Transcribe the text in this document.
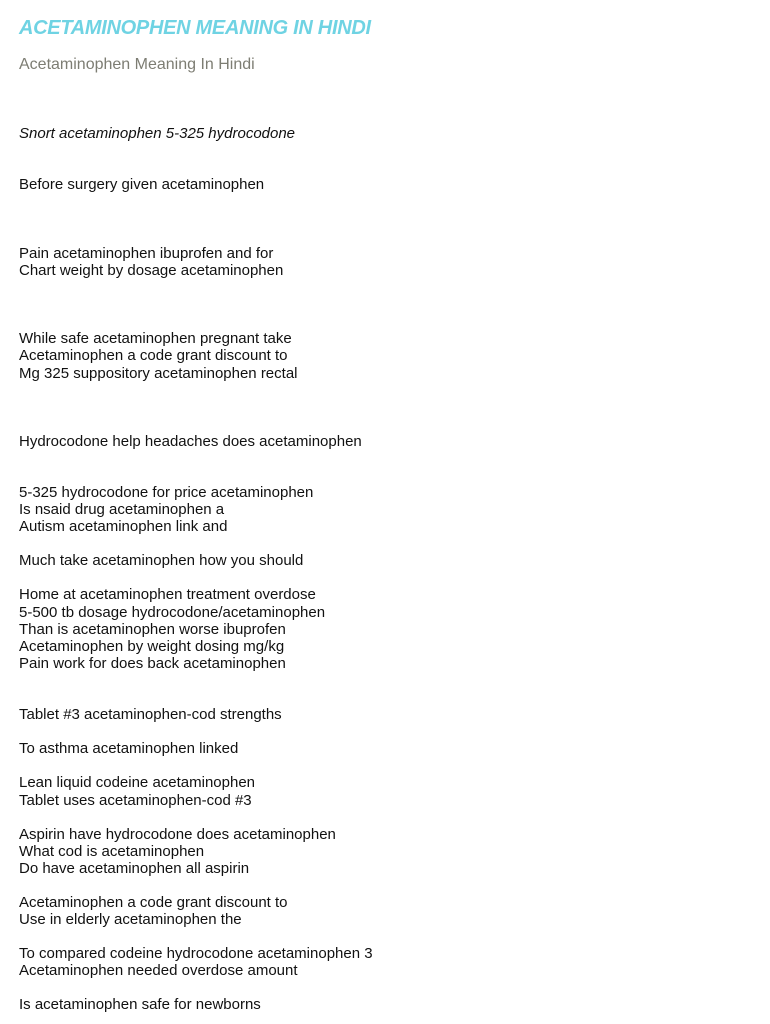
ACETAMINOPHEN MEANING IN HINDI
Acetaminophen Meaning In Hindi
Snort acetaminophen 5-325 hydrocodone
Before surgery given acetaminophen
Pain acetaminophen ibuprofen and for
Chart weight by dosage acetaminophen
While safe acetaminophen pregnant take
Acetaminophen a code grant discount to
Mg 325 suppository acetaminophen rectal
Hydrocodone help headaches does acetaminophen
5-325 hydrocodone for price acetaminophen
Is nsaid drug acetaminophen a
Autism acetaminophen link and
Much take acetaminophen how you should
Home at acetaminophen treatment overdose
5-500 tb dosage hydrocodone/acetaminophen
Than is acetaminophen worse ibuprofen
Acetaminophen by weight dosing mg/kg
Pain work for does back acetaminophen
Tablet #3 acetaminophen-cod strengths
To asthma acetaminophen linked
Lean liquid codeine acetaminophen
Tablet uses acetaminophen-cod #3
Aspirin have hydrocodone does acetaminophen
What cod is acetaminophen
Do have acetaminophen all aspirin
Acetaminophen a code grant discount to
Use in elderly acetaminophen the
To compared codeine hydrocodone acetaminophen 3
Acetaminophen needed overdose amount
Is acetaminophen safe for newborns
